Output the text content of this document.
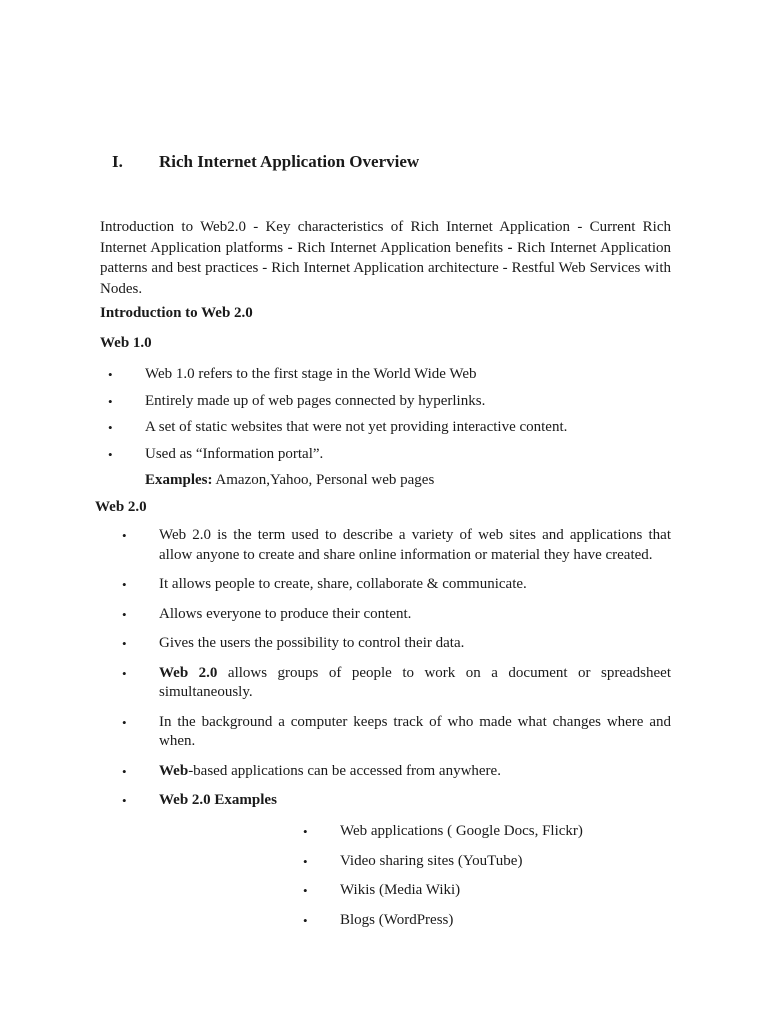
I. Rich Internet Application Overview
Introduction to Web2.0 - Key characteristics of Rich Internet Application - Current Rich Internet Application platforms - Rich Internet Application benefits - Rich Internet Application patterns and best practices - Rich Internet Application architecture - Restful Web Services with Nodes.
Introduction to Web 2.0
Web 1.0
• Web 1.0 refers to the first stage in the World Wide Web
• Entirely made up of web pages connected by hyperlinks.
• A set of static websites that were not yet providing interactive content.
• Used as “Information portal”.
Examples: Amazon,Yahoo, Personal web pages
Web 2.0
• Web 2.0 is the term used to describe a variety of web sites and applications that allow anyone to create and share online information or material they have created.
• It allows people to create, share, collaborate & communicate.
• Allows everyone to produce their content.
• Gives the users the possibility to control their data.
• Web 2.0 allows groups of people to work on a document or spreadsheet simultaneously.
• In the background a computer keeps track of who made what changes where and when.
• Web-based applications can be accessed from anywhere.
• Web 2.0 Examples
• Web applications ( Google Docs, Flickr)
• Video sharing sites (YouTube)
• Wikis (Media Wiki)
• Blogs (WordPress)
